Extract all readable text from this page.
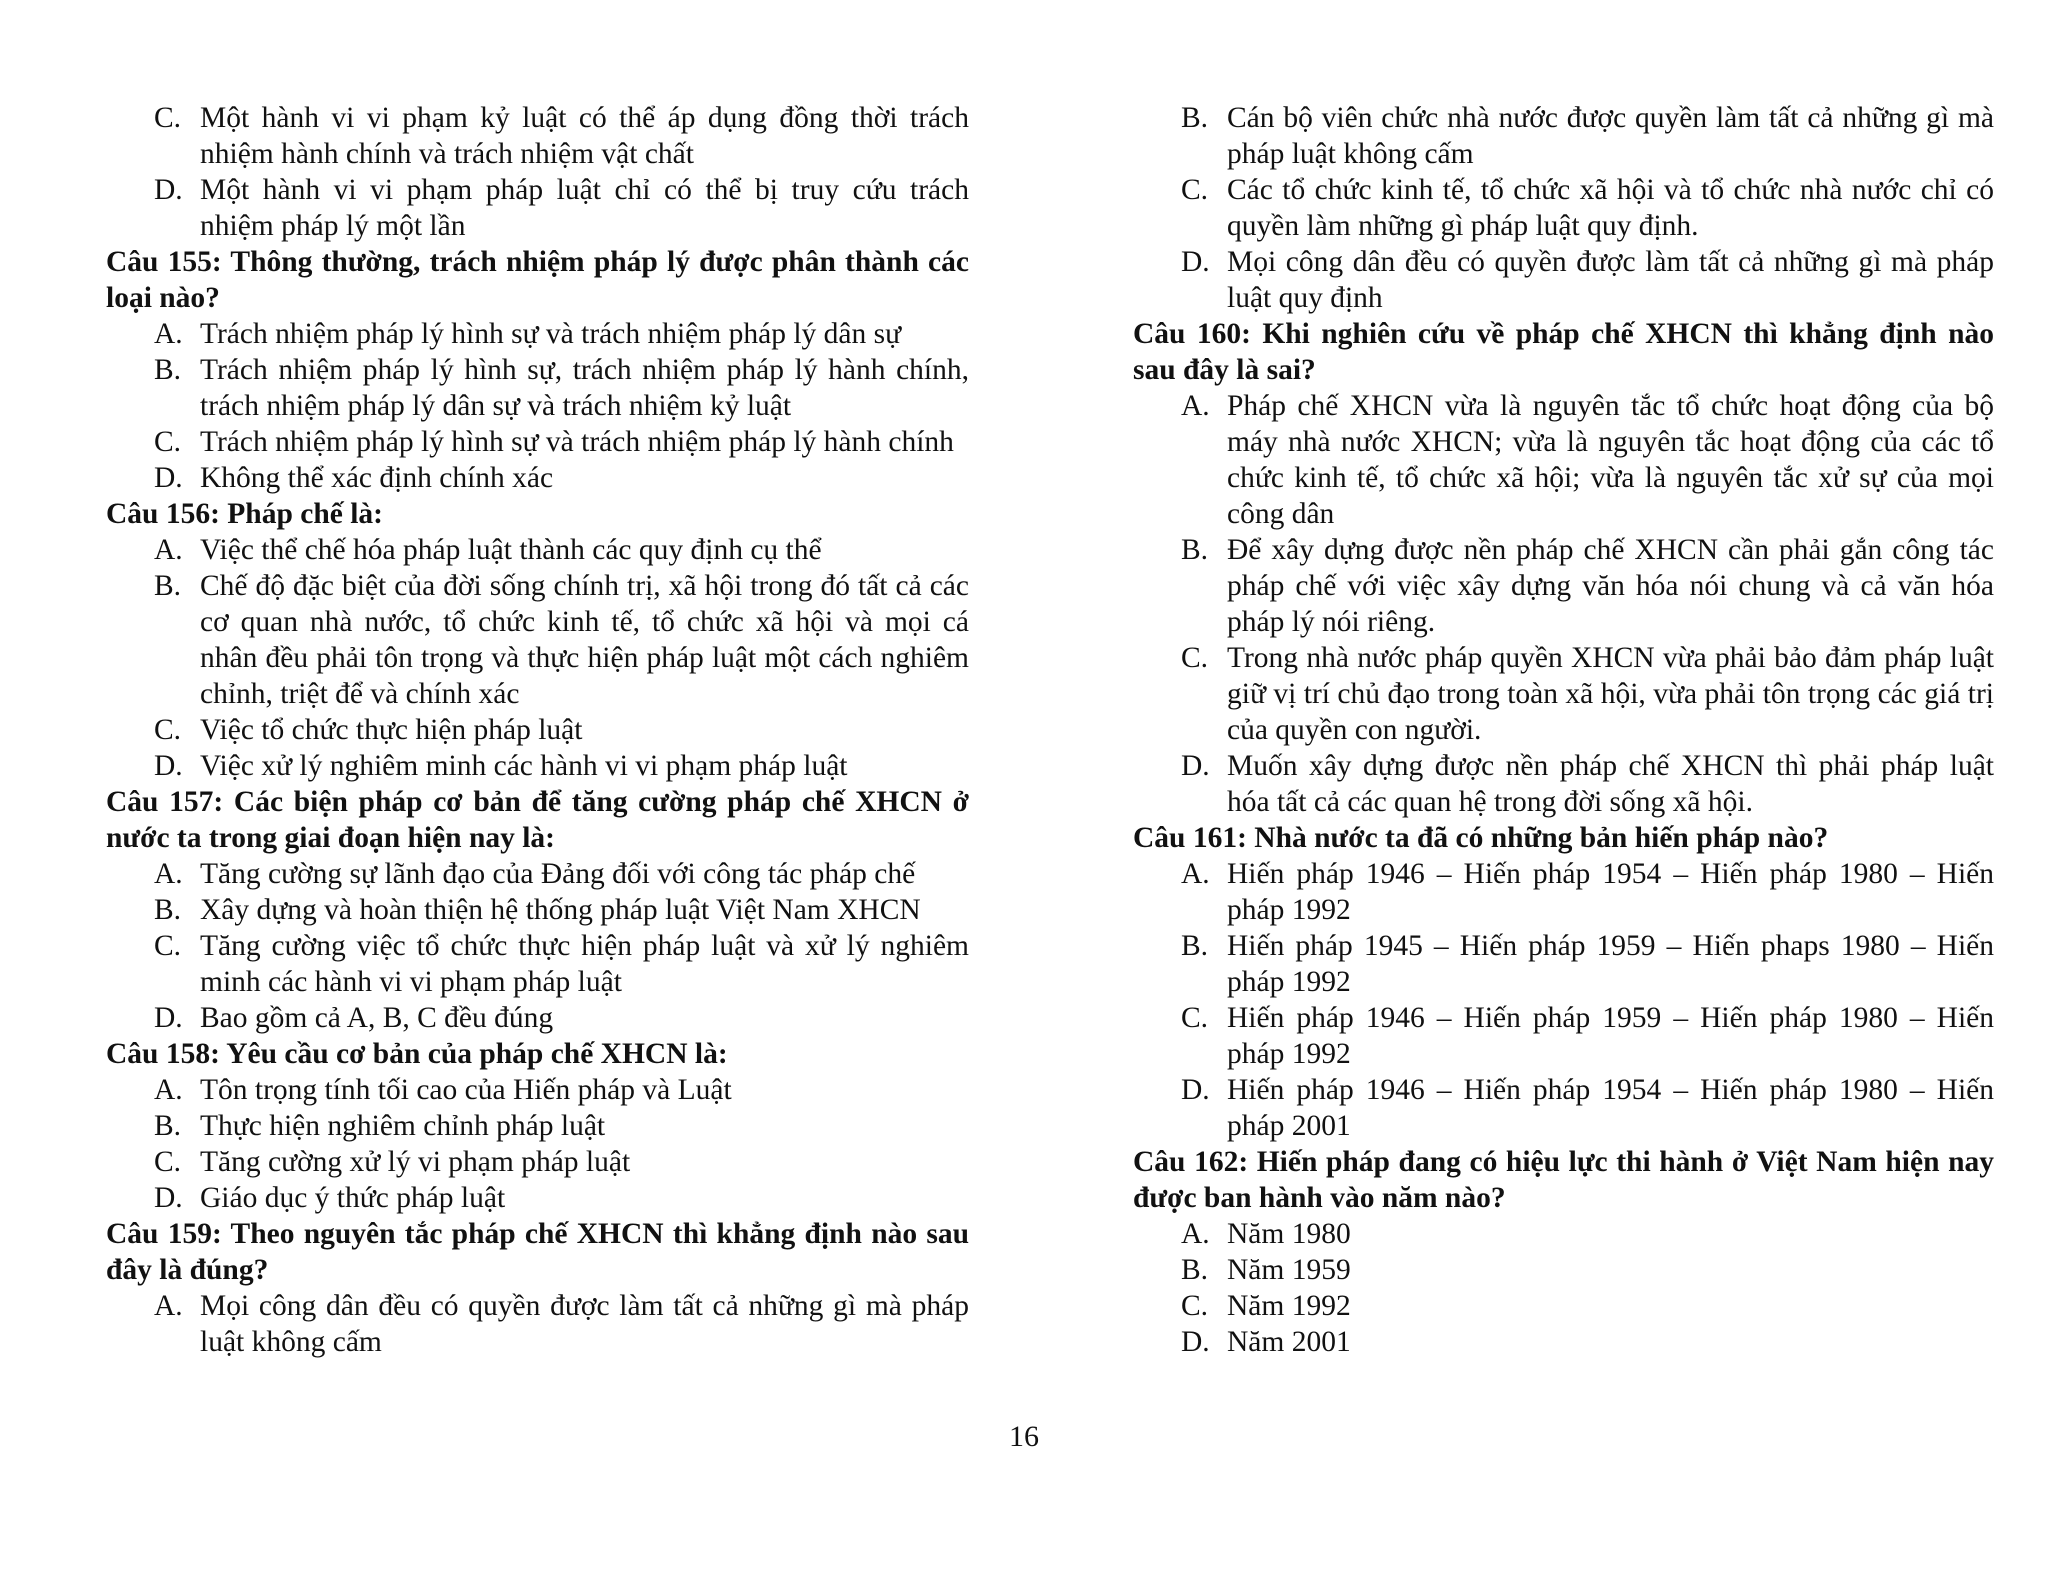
C. Một hành vi vi phạm kỷ luật có thể áp dụng đồng thời trách nhiệm hành chính và trách nhiệm vật chất
D. Một hành vi vi phạm pháp luật chỉ có thể bị truy cứu trách nhiệm pháp lý một lần
Câu 155: Thông thường, trách nhiệm pháp lý được phân thành các loại nào?
A. Trách nhiệm pháp lý hình sự và trách nhiệm pháp lý dân sự
B. Trách nhiệm pháp lý hình sự, trách nhiệm pháp lý hành chính, trách nhiệm pháp lý dân sự và trách nhiệm kỷ luật
C. Trách nhiệm pháp lý hình sự và trách nhiệm pháp lý hành chính
D. Không thể xác định chính xác
Câu 156: Pháp chế là:
A. Việc thể chế hóa pháp luật thành các quy định cụ thể
B. Chế độ đặc biệt của đời sống chính trị, xã hội trong đó tất cả các cơ quan nhà nước, tổ chức kinh tế, tổ chức xã hội và mọi cá nhân đều phải tôn trọng và thực hiện pháp luật một cách nghiêm chỉnh, triệt để và chính xác
C. Việc tổ chức thực hiện pháp luật
D. Việc xử lý nghiêm minh các hành vi vi phạm pháp luật
Câu 157: Các biện pháp cơ bản để tăng cường pháp chế XHCN ở nước ta trong giai đoạn hiện nay là:
A. Tăng cường sự lãnh đạo của Đảng đối với công tác pháp chế
B. Xây dựng và hoàn thiện hệ thống pháp luật Việt Nam XHCN
C. Tăng cường việc tổ chức thực hiện pháp luật và xử lý nghiêm minh các hành vi vi phạm pháp luật
D. Bao gồm cả A, B, C đều đúng
Câu 158: Yêu cầu cơ bản của pháp chế XHCN là:
A. Tôn trọng tính tối cao của Hiến pháp và Luật
B. Thực hiện nghiêm chỉnh pháp luật
C. Tăng cường xử lý vi phạm pháp luật
D. Giáo dục ý thức pháp luật
Câu 159: Theo nguyên tắc pháp chế XHCN thì khẳng định nào sau đây là đúng?
A. Mọi công dân đều có quyền được làm tất cả những gì mà pháp luật không cấm
B. Cán bộ viên chức nhà nước được quyền làm tất cả những gì mà pháp luật không cấm
C. Các tổ chức kinh tế, tổ chức xã hội và tổ chức nhà nước chỉ có quyền làm những gì pháp luật quy định.
D. Mọi công dân đều có quyền được làm tất cả những gì mà pháp luật quy định
Câu 160: Khi nghiên cứu về pháp chế XHCN thì khẳng định nào sau đây là sai?
A. Pháp chế XHCN vừa là nguyên tắc tổ chức hoạt động của bộ máy nhà nước XHCN; vừa là nguyên tắc hoạt động của các tổ chức kinh tế, tổ chức xã hội; vừa là nguyên tắc xử sự của mọi công dân
B. Để xây dựng được nền pháp chế XHCN cần phải gắn công tác pháp chế với việc xây dựng văn hóa nói chung và cả văn hóa pháp lý nói riêng.
C. Trong nhà nước pháp quyền XHCN vừa phải bảo đảm pháp luật giữ vị trí chủ đạo trong toàn xã hội, vừa phải tôn trọng các giá trị của quyền con người.
D. Muốn xây dựng được nền pháp chế XHCN thì phải pháp luật hóa tất cả các quan hệ trong đời sống xã hội.
Câu 161: Nhà nước ta đã có những bản hiến pháp nào?
A. Hiến pháp 1946 – Hiến pháp 1954 – Hiến pháp 1980 – Hiến pháp 1992
B. Hiến pháp 1945 – Hiến pháp 1959 – Hiến phaps 1980 – Hiến pháp 1992
C. Hiến pháp 1946 – Hiến pháp 1959 – Hiến pháp 1980 – Hiến pháp 1992
D. Hiến pháp 1946 – Hiến pháp 1954 – Hiến pháp 1980 – Hiến pháp 2001
Câu 162: Hiến pháp đang có hiệu lực thi hành ở Việt Nam hiện nay được ban hành vào năm nào?
A. Năm 1980
B. Năm 1959
C. Năm 1992
D. Năm 2001
16
